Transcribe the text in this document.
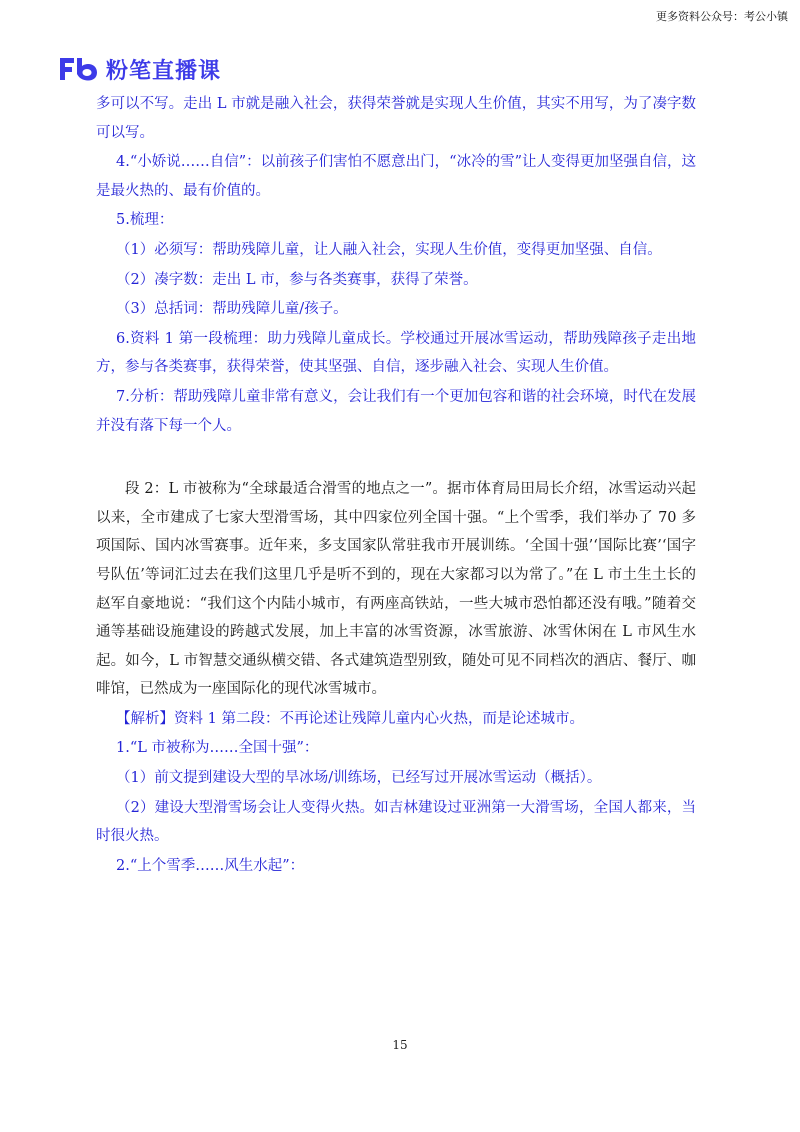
更多资料公众号：考公小镇
粉笔直播课

多可以不写。走出 L 市就是融入社会，获得荣誉就是实现人生价值，其实不用写，为了凑字数可以写。

4.“小娇说……自信”：以前孩子们害怕不愿意出门，“冰冷的雪”让人变得更加坚强自信，这是最火热的、最有价值的。

5.梳理：

（1）必须写：帮助残障儿童，让人融入社会，实现人生价值，变得更加坚强、自信。

（2）凑字数：走出 L 市，参与各类赛事，获得了荣誉。

（3）总括词：帮助残障儿童/孩子。

6.资料 1 第一段梳理：助力残障儿童成长。学校通过开展冰雪运动，帮助残障孩子走出地方，参与各类赛事，获得荣誉，使其坚强、自信，逐步融入社会、实现人生价值。

7.分析：帮助残障儿童非常有意义，会让我们有一个更加包容和谐的社会环境，时代在发展并没有落下每一个人。

段 2：L 市被称为“全球最适合滑雪的地点之一”。据市体育局田局长介绍，冰雪运动兴起以来，全市建成了七家大型滑雪场，其中四家位列全国十强。“上个雪季，我们举办了 70 多项国际、国内冰雪赛事。近年来，多支国家队常驻我市开展训练。‘全国十强’‘国际比赛’‘国字号队伍’等词汇过去在我们这里几乎是听不到的，现在大家都习以为常了。”在 L 市土生土长的赵军自豪地说：“我们这个内陆小城市，有两座高铁站，一些大城市恐怕都还没有哦。”随着交通等基础设施建设的跨越式发展，加上丰富的冰雪资源，冰雪旅游、冰雪休闲在 L 市风生水起。如今，L 市智慧交通纵横交错、各式建筑造型别致，随处可见不同档次的酒店、餐厅、咖啡馆，已然成为一座国际化的现代冰雪城市。

【解析】资料 1 第二段：不再论述让残障儿童内心火热，而是论述城市。

1.“L 市被称为……全国十强”：

（1）前文提到建设大型的旱冰场/训练场，已经写过开展冰雪运动（概括）。

（2）建设大型滑雪场会让人变得火热。如吉林建设过亚洲第一大滑雪场，全国人都来，当时很火热。

2.“上个雪季……风生水起”：

15
